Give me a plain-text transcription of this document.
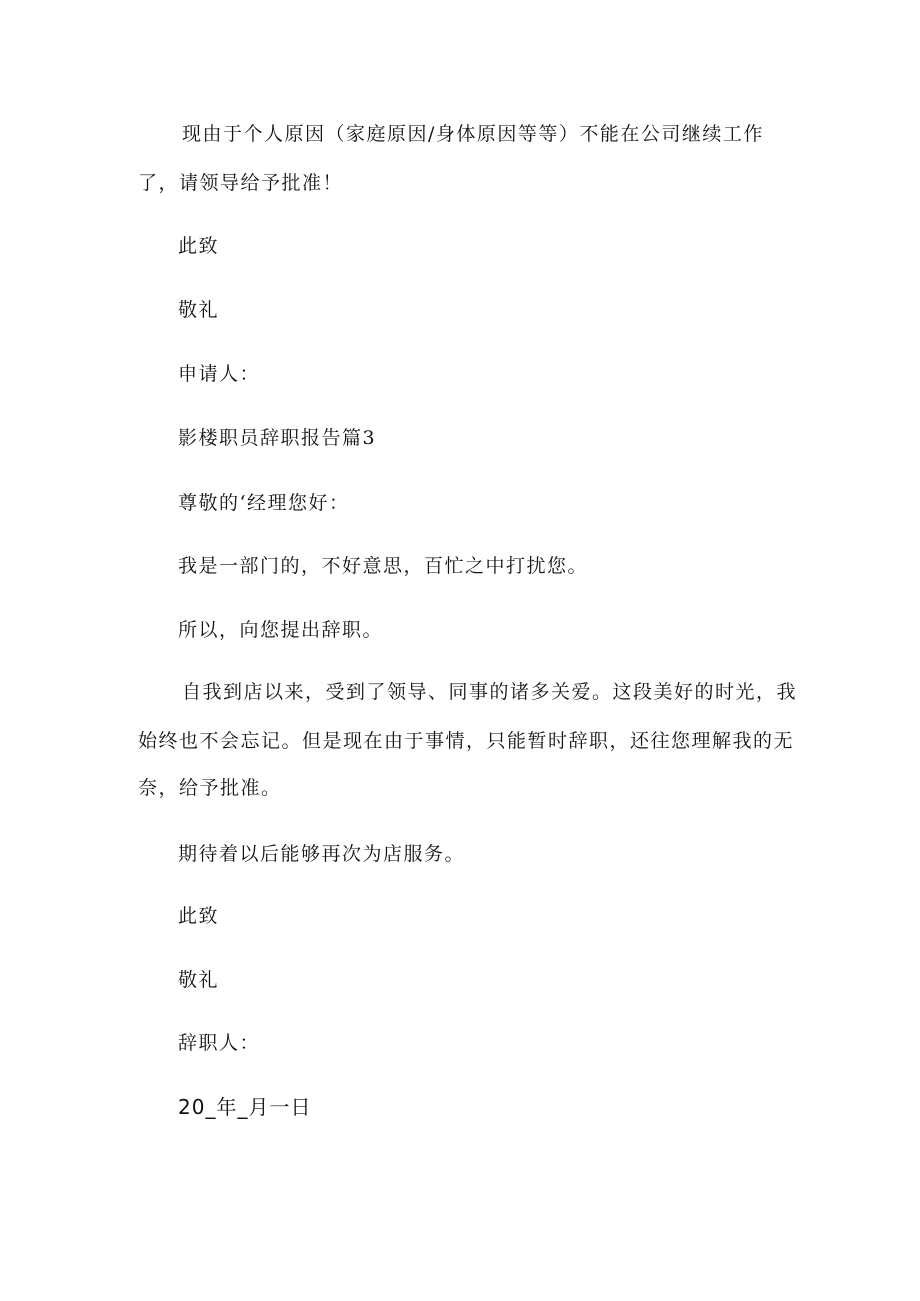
现由于个人原因（家庭原因/身体原因等等）不能在公司继续工作

了，请领导给予批准！

此致

敬礼

申请人：

影楼职员辞职报告篇3

尊敬的‘经理您好：

我是一部门的，不好意思，百忙之中打扰您。

所以，向您提出辞职。

自我到店以来，受到了领导、同事的诸多关爱。这段美好的时光，我

始终也不会忘记。但是现在由于事情，只能暂时辞职，还往您理解我的无

奈，给予批准。

期待着以后能够再次为店服务。

此致

敬礼

辞职人：

20_年_月一日
